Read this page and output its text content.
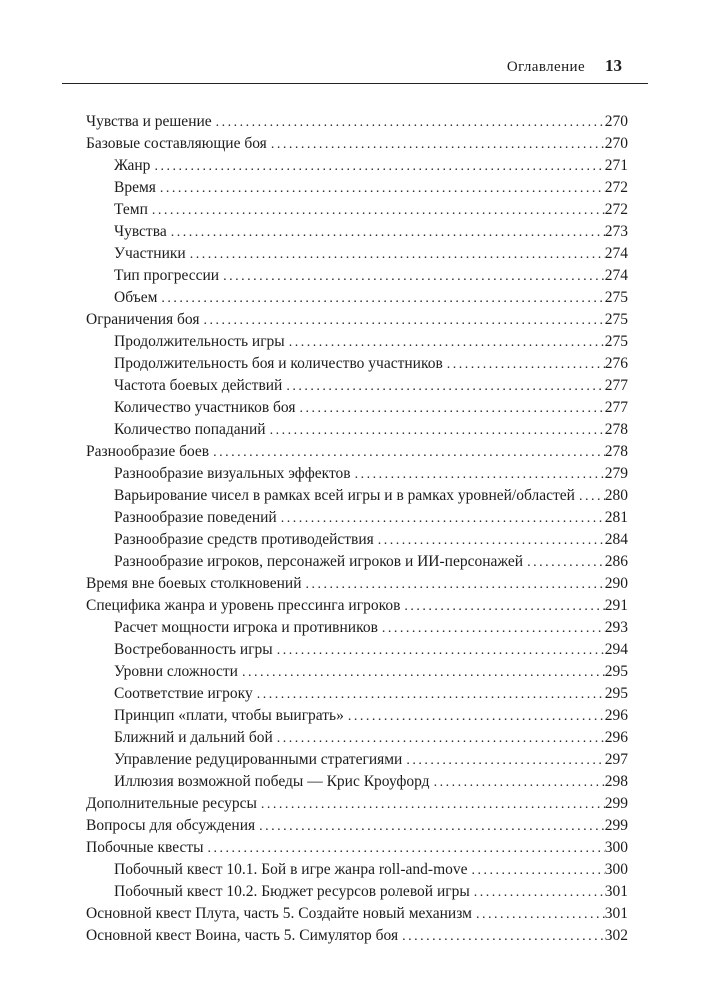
Оглавление 13
Чувства и решение .....	270
Базовые составляющие боя .....	270
Жанр .....	271
Время .....	272
Темп .....	272
Чувства .....	273
Участники .....	274
Тип прогрессии .....	274
Объем .....	275
Ограничения боя .....	275
Продолжительность игры .....	275
Продолжительность боя и количество участников .....	276
Частота боевых действий .....	277
Количество участников боя .....	277
Количество попаданий .....	278
Разнообразие боев .....	278
Разнообразие визуальных эффектов .....	279
Варьирование чисел в рамках всей игры и в рамках уровней/областей ..... 280
Разнообразие поведений .....	281
Разнообразие средств противодействия .....	284
Разнообразие игроков, персонажей игроков и ИИ-персонажей .....	286
Время вне боевых столкновений .....	290
Специфика жанра и уровень прессинга игроков .....	291
Расчет мощности игрока и противников .....	293
Востребованность игры .....	294
Уровни сложности .....	295
Соответствие игроку .....	295
Принцип «плати, чтобы выиграть» .....	296
Ближний и дальний бой .....	296
Управление редуцированными стратегиями .....	297
Иллюзия возможной победы — Крис Кроуфорд .....	298
Дополнительные ресурсы .....	299
Вопросы для обсуждения .....	299
Побочные квесты .....	300
Побочный квест 10.1. Бой в игре жанра roll-and-move .....	300
Побочный квест 10.2. Бюджет ресурсов ролевой игры .....	301
Основной квест Плута, часть 5. Создайте новый механизм .....	301
Основной квест Воина, часть 5. Симулятор боя .....	302
